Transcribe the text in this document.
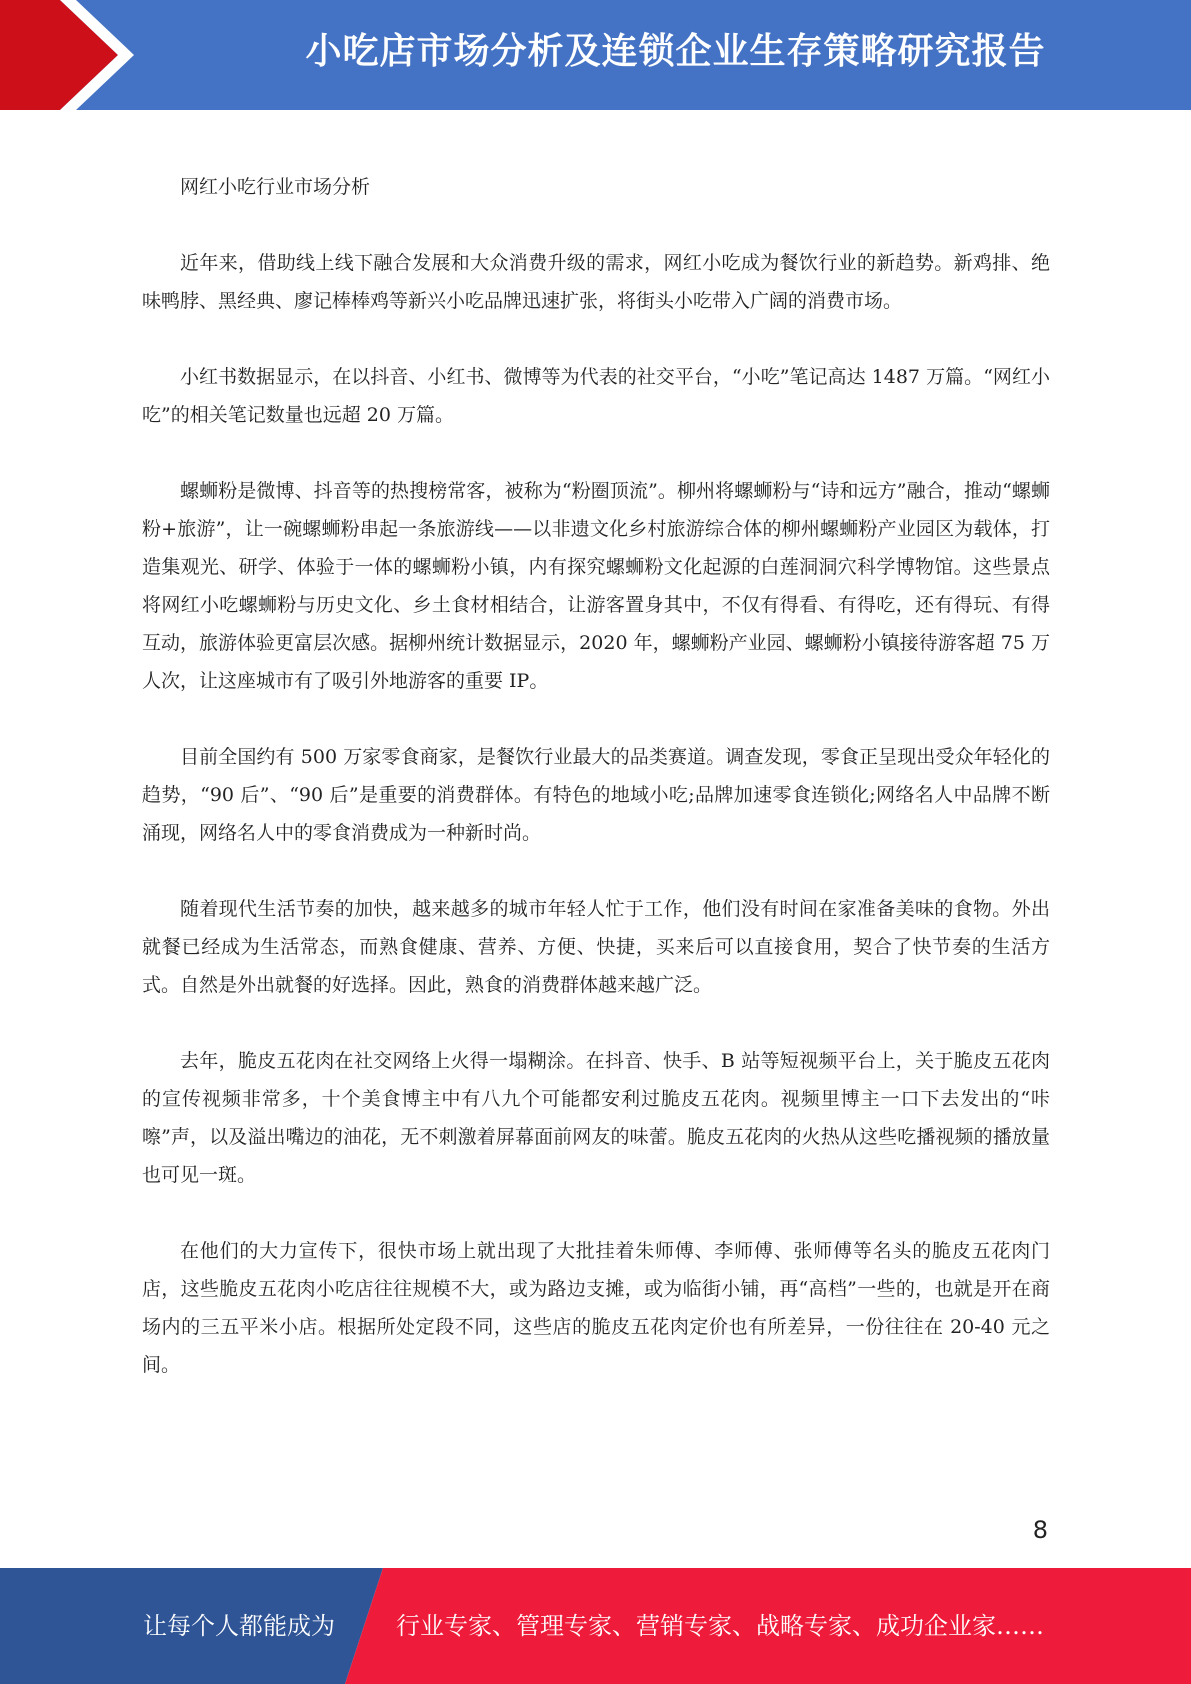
小吃店市场分析及连锁企业生存策略研究报告

网红小吃行业市场分析

近年来，借助线上线下融合发展和大众消费升级的需求，网红小吃成为餐饮行业的新趋势。新鸡排、绝味鸭脖、黑经典、廖记棒棒鸡等新兴小吃品牌迅速扩张，将街头小吃带入广阔的消费市场。

小红书数据显示，在以抖音、小红书、微博等为代表的社交平台，“小吃”笔记高达 1487 万篇。“网红小吃”的相关笔记数量也远超 20 万篇。

螺蛳粉是微博、抖音等的热搜榜常客，被称为“粉圈顶流”。柳州将螺蛳粉与“诗和远方”融合，推动“螺蛳粉+旅游”，让一碗螺蛳粉串起一条旅游线——以非遗文化乡村旅游综合体的柳州螺蛳粉产业园区为载体，打造集观光、研学、体验于一体的螺蛳粉小镇，内有探究螺蛳粉文化起源的白莲洞洞穴科学博物馆。这些景点将网红小吃螺蛳粉与历史文化、乡土食材相结合，让游客置身其中，不仅有得看、有得吃，还有得玩、有得互动，旅游体验更富层次感。据柳州统计数据显示，2020 年，螺蛳粉产业园、螺蛳粉小镇接待游客超 75 万人次，让这座城市有了吸引外地游客的重要 IP。

目前全国约有 500 万家零食商家，是餐饮行业最大的品类赛道。调查发现，零食正呈现出受众年轻化的趋势，“90 后”、“90 后”是重要的消费群体。有特色的地域小吃;品牌加速零食连锁化;网络名人中品牌不断涌现，网络名人中的零食消费成为一种新时尚。

随着现代生活节奏的加快，越来越多的城市年轻人忙于工作，他们没有时间在家准备美味的食物。外出就餐已经成为生活常态，而熟食健康、营养、方便、快捷，买来后可以直接食用，契合了快节奏的生活方式。自然是外出就餐的好选择。因此，熟食的消费群体越来越广泛。

去年，脆皮五花肉在社交网络上火得一塌糊涂。在抖音、快手、B 站等短视频平台上，关于脆皮五花肉的宣传视频非常多，十个美食博主中有八九个可能都安利过脆皮五花肉。视频里博主一口下去发出的“咔嚓”声，以及溢出嘴边的油花，无不刺激着屏幕面前网友的味蕾。脆皮五花肉的火热从这些吃播视频的播放量也可见一斑。

在他们的大力宣传下，很快市场上就出现了大批挂着朱师傅、李师傅、张师傅等名头的脆皮五花肉门店，这些脆皮五花肉小吃店往往规模不大，或为路边支摊，或为临街小铺，再“高档”一些的，也就是开在商场内的三五平米小店。根据所处定段不同，这些店的脆皮五花肉定价也有所差异，一份往往在 20-40 元之间。

8
让每个人都能成为	行业专家、管理专家、营销专家、战略专家、成功企业家……
